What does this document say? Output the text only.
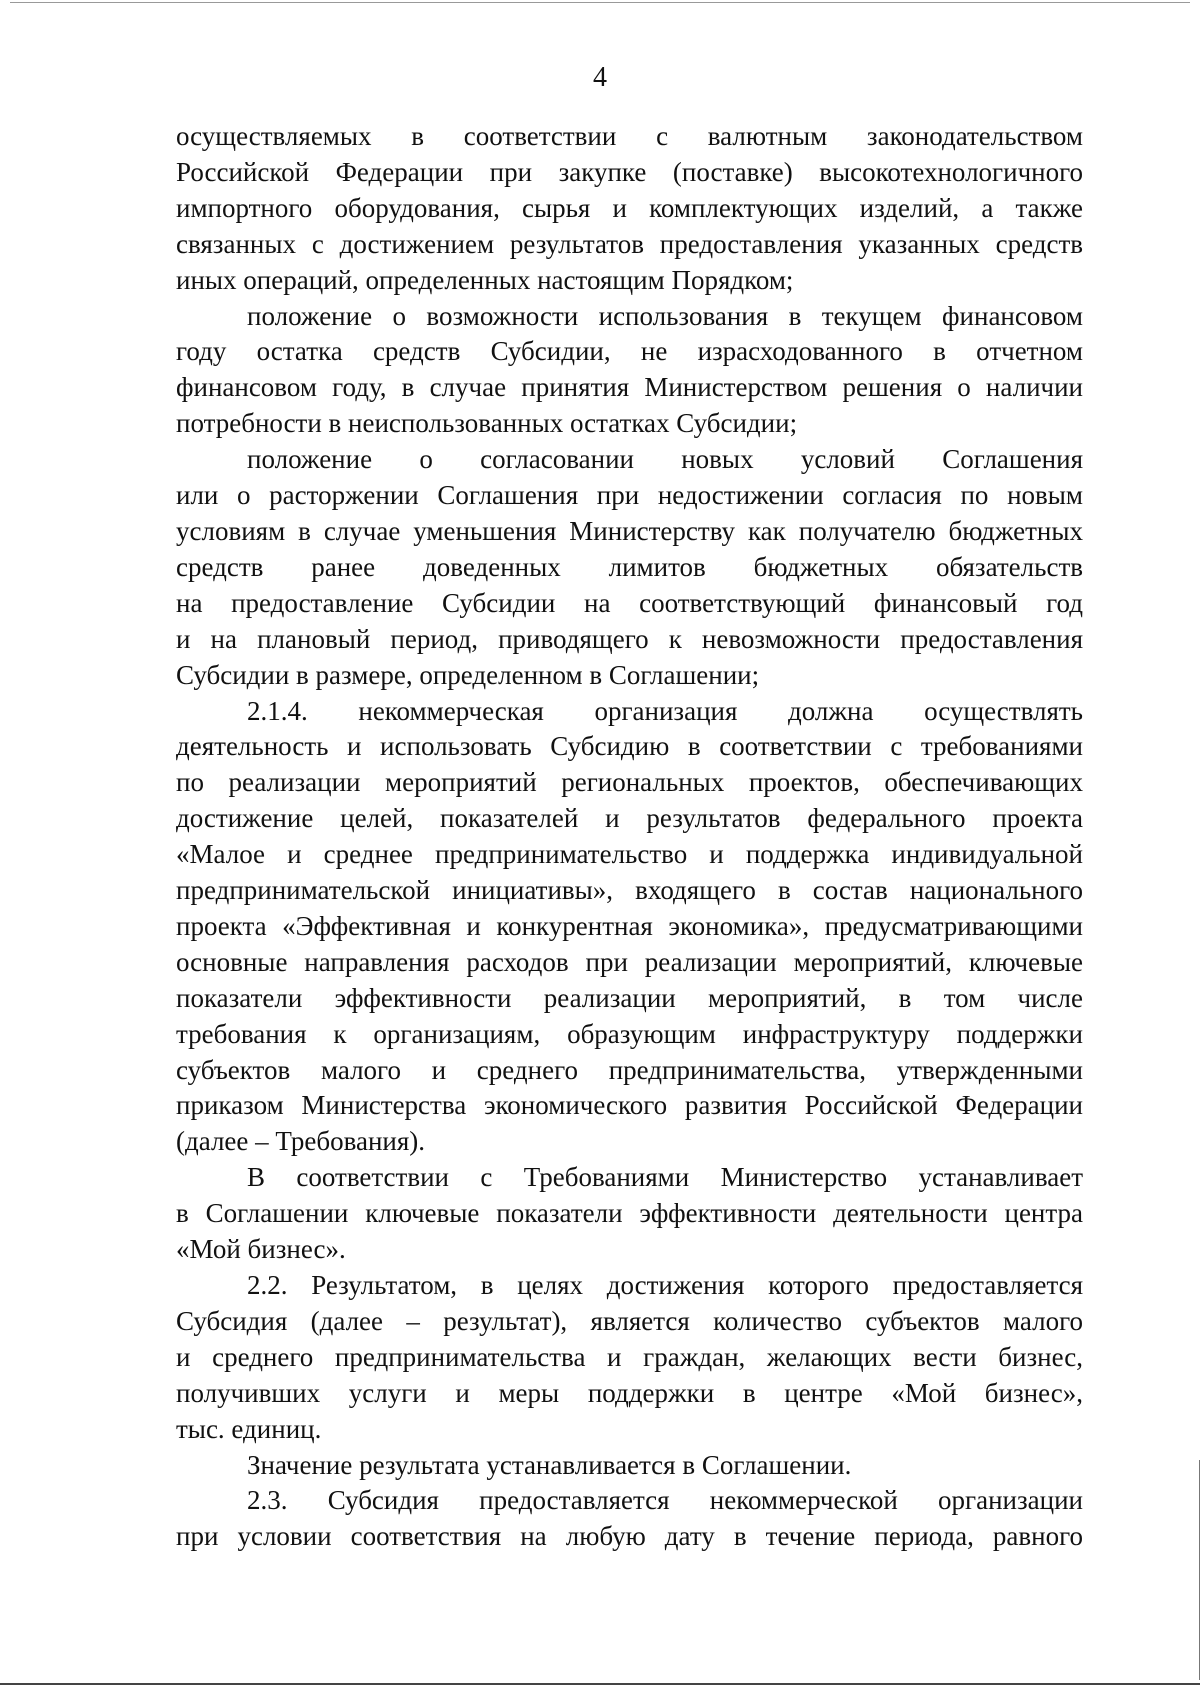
4

осуществляемых в соответствии с валютным законодательством
Российской Федерации при закупке (поставке) высокотехнологичного
импортного оборудования, сырья и комплектующих изделий, а также
связанных с достижением результатов предоставления указанных средств
иных операций, определенных настоящим Порядком;

положение о возможности использования в текущем финансовом
году остатка средств Субсидии, не израсходованного в отчетном
финансовом году, в случае принятия Министерством решения о наличии
потребности в неиспользованных остатках Субсидии;

положение о согласовании новых условий Соглашения
или о расторжении Соглашения при недостижении согласия по новым
условиям в случае уменьшения Министерству как получателю бюджетных
средств ранее доведенных лимитов бюджетных обязательств
на предоставление Субсидии на соответствующий финансовый год
и на плановый период, приводящего к невозможности предоставления
Субсидии в размере, определенном в Соглашении;

2.1.4. некоммерческая организация должна осуществлять
деятельность и использовать Субсидию в соответствии с требованиями
по реализации мероприятий региональных проектов, обеспечивающих
достижение целей, показателей и результатов федерального проекта
«Малое и среднее предпринимательство и поддержка индивидуальной
предпринимательской инициативы», входящего в состав национального
проекта «Эффективная и конкурентная экономика», предусматривающими
основные направления расходов при реализации мероприятий, ключевые
показатели эффективности реализации мероприятий, в том числе
требования к организациям, образующим инфраструктуру поддержки
субъектов малого и среднего предпринимательства, утвержденными
приказом Министерства экономического развития Российской Федерации
(далее – Требования).

В соответствии с Требованиями Министерство устанавливает
в Соглашении ключевые показатели эффективности деятельности центра
«Мой бизнес».

2.2. Результатом, в целях достижения которого предоставляется
Субсидия (далее – результат), является количество субъектов малого
и среднего предпринимательства и граждан, желающих вести бизнес,
получивших услуги и меры поддержки в центре «Мой бизнес»,
тыс. единиц.

Значение результата устанавливается в Соглашении.

2.3. Субсидия предоставляется некоммерческой организации
при условии соответствия на любую дату в течение периода, равного
